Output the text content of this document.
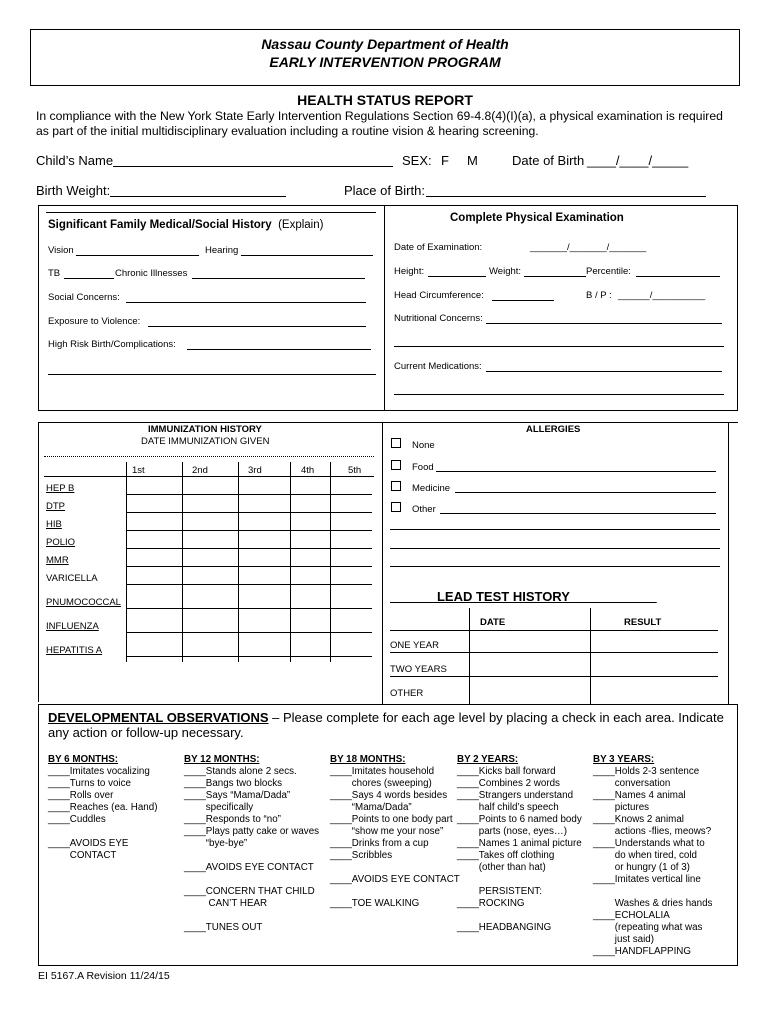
Nassau County Department of Health
EARLY INTERVENTION PROGRAM
HEALTH STATUS REPORT
In compliance with the New York State Early Intervention Regulations Section 69-4.8(4)(I)(a), a physical examination is required
as part of the initial multidisciplinary evaluation including a routine vision & hearing screening.
Child’s Name	SEX: F M	Date of Birth ____/____/_____
Birth Weight:	Place of Birth:
Significant Family Medical/Social History (Explain)
Vision	Hearing
TB	Chronic Illnesses
Social Concerns:
Exposure to Violence:
High Risk Birth/Complications:
Complete Physical Examination
Date of Examination:	_______/_______/_______
Height:	Weight:	Percentile:
Head Circumference:	B / P : ______/__________
Nutritional Concerns:
Current Medications:
IMMUNIZATION HISTORY
DATE IMMUNIZATION GIVEN
1st	2nd	3rd	4th	5th
HEP B
DTP
HIB
POLIO
MMR
VARICELLA
PNUMOCOCCAL
INFLUENZA
HEPATITIS A
ALLERGIES
None
Food
Medicine
Other
___    _LEAD TEST HISTORY____________
DATE	RESULT
ONE YEAR
TWO YEARS
OTHER
DEVELOPMENTAL OBSERVATIONS – Please complete for each age level by placing a check in each area. Indicate
any action or follow-up necessary.
BY 6 MONTHS:
____Imitates vocalizing
____Turns to voice
____Rolls over
____Reaches (ea. Hand)
____Cuddles

____AVOIDS EYE
CONTACT
BY 12 MONTHS:
____Stands alone 2 secs.
____Bangs two blocks
____Says “Mama/Dada”
specifically
____Responds to “no”
____Plays patty cake or waves
“bye-bye”

____AVOIDS EYE CONTACT

____CONCERN THAT CHILD
CAN’T HEAR

____TUNES OUT
BY 18 MONTHS:
____Imitates household
chores (sweeping)
____Says 4 words besides
“Mama/Dada”
____Points to one body part
“show me your nose”
____Drinks from a cup
____Scribbles

____AVOIDS EYE CONTACT

____TOE WALKING
BY 2 YEARS:
____Kicks ball forward
____Combines 2 words
____Strangers understand
half child’s speech
____Points to 6 named body
parts (nose, eyes…)
____Names 1 animal picture
____Takes off clothing
(other than hat)

PERSISTENT:
____ROCKING

____HEADBANGING
BY 3 YEARS:
____Holds 2-3 sentence
conversation
____Names 4 animal
pictures
____Knows 2 animal
actions -flies, meows?
____Understands what to
do when tired, cold
or hungry (1 of 3)
____Imitates vertical line

Washes & dries hands
____ECHOLALIA
(repeating what was
just said)
____HANDFLAPPING
EI 5167.A Revision 11/24/15
